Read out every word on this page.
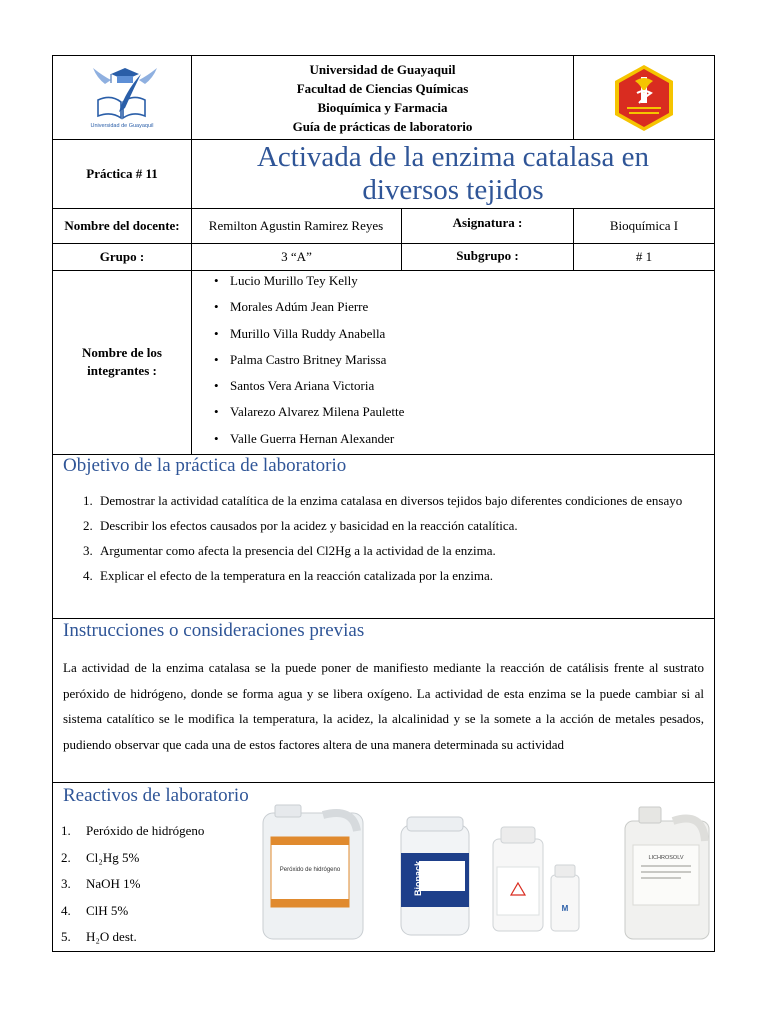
Universidad de Guayaquil
Universidad de Guayaquil
Facultad de Ciencias Químicas
Bioquímica y Farmacia
Guía de prácticas de laboratorio
Práctica # 11
Activada de la enzima catalasa en diversos tejidos
Nombre del docente:	Remilton Agustin Ramirez Reyes	Asignatura :	Bioquímica I
Grupo :	3 “A”	Subgrupo :	# 1
Nombre de los integrantes :
• Lucio Murillo Tey Kelly
• Morales Adúm Jean Pierre
• Murillo Villa Ruddy Anabella
• Palma Castro Britney Marissa
• Santos Vera Ariana Victoria
• Valarezo Alvarez Milena Paulette
• Valle Guerra Hernan Alexander
Objetivo de la práctica de laboratorio
1. Demostrar la actividad catalítica de la enzima catalasa en diversos tejidos bajo diferentes condiciones de ensayo
2. Describir los efectos causados por la acidez y basicidad en la reacción catalítica.
3. Argumentar como afecta la presencia del Cl2Hg a la actividad de la enzima.
4. Explicar el efecto de la temperatura en la reacción catalizada por la enzima.
Instrucciones o consideraciones previas
La actividad de la enzima catalasa se la puede poner de manifiesto mediante la reacción de catálisis frente al sustrato peróxido de hidrógeno, donde se forma agua y se libera oxígeno. La actividad de esta enzima se la puede cambiar si al sistema catalítico se le modifica la temperatura, la acidez, la alcalinidad y se la somete a la acción de metales pesados, pudiendo observar que cada una de estos factores altera de una manera determinada su actividad
Reactivos de laboratorio
1. Peróxido de hidrógeno
2. Cl₂Hg 5%
3. NaOH 1%
4. ClH 5%
5. H₂O dest.
Peróxido de hidrógeno	Biopack
M
LICHROSOLV
